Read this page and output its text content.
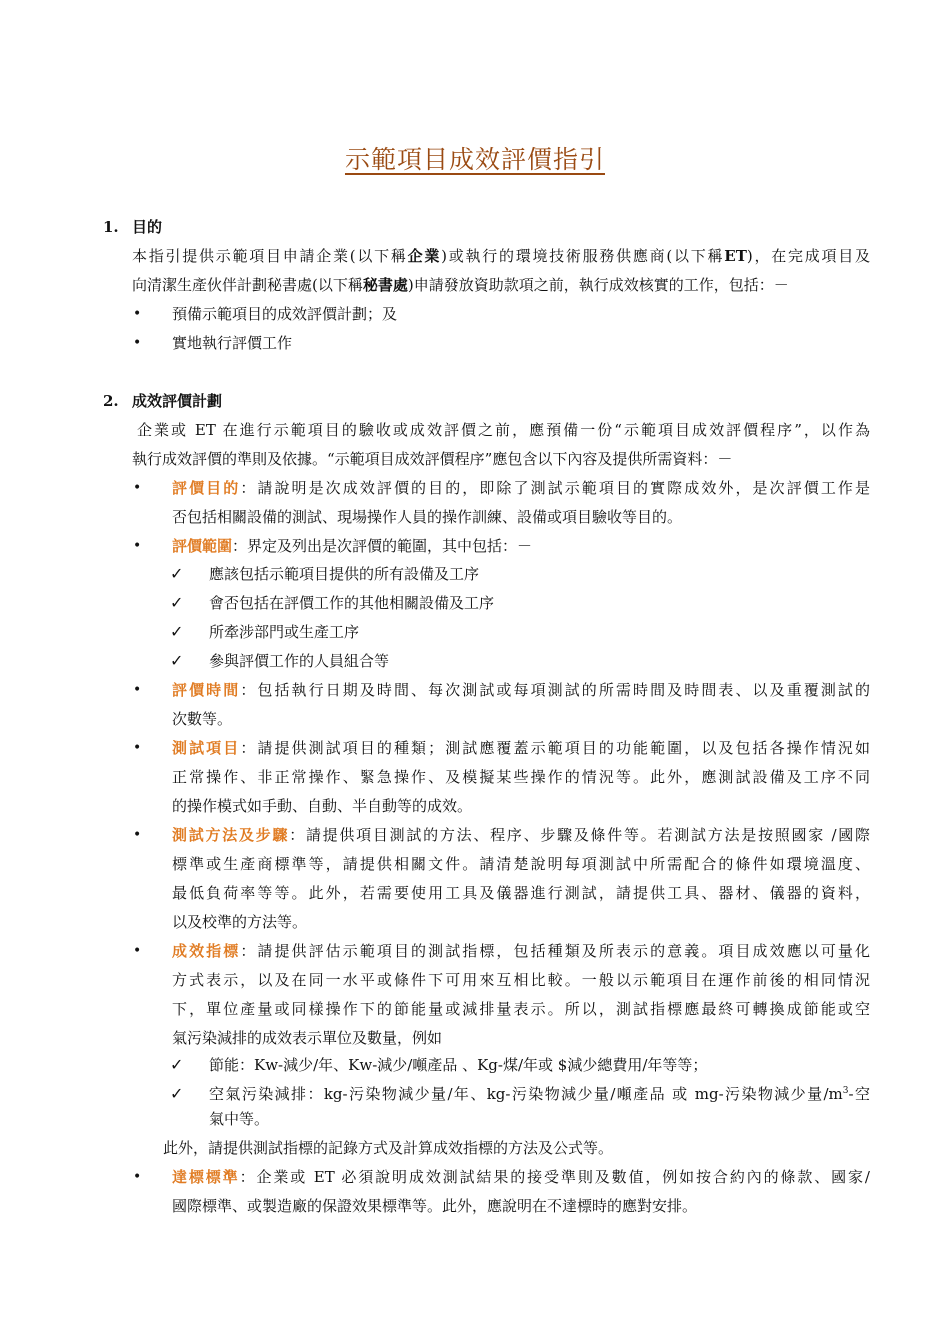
示範項目成效評價指引
1. 目的
本指引提供示範項目申請企業(以下稱企業)或執行的環境技術服務供應商(以下稱ET)，在完成項目及
向清潔生產伙伴計劃秘書處(以下稱秘書處)申請發放資助款項之前，執行成效核實的工作，包括：－
• 預備示範項目的成效評價計劃；及
• 實地執行評價工作
2. 成效評價計劃
企業或 ET 在進行示範項目的驗收或成效評價之前，應預備一份“示範項目成效評價程序”，以作為
執行成效評價的準則及依據。“示範項目成效評價程序”應包含以下內容及提供所需資料：－
• 評價目的：請說明是次成效評價的目的，即除了測試示範項目的實際成效外，是次評價工作是
否包括相關設備的測試、現場操作人員的操作訓練、設備或項目驗收等目的。
• 評價範圍：界定及列出是次評價的範圍，其中包括：－
✓ 應該包括示範項目提供的所有設備及工序
✓ 會否包括在評價工作的其他相關設備及工序
✓ 所牽涉部門或生產工序
✓ 參與評價工作的人員組合等
• 評價時間：包括執行日期及時間、每次測試或每項測試的所需時間及時間表、以及重覆測試的
次數等。
• 測試項目：請提供測試項目的種類；測試應覆蓋示範項目的功能範圍，以及包括各操作情況如
正常操作、非正常操作、緊急操作、及模擬某些操作的情況等。此外，應測試設備及工序不同
的操作模式如手動、自動、半自動等的成效。
• 測試方法及步驟：請提供項目測試的方法、程序、步驟及條件等。若測試方法是按照國家 /國際
標準或生產商標準等，請提供相關文件。請清楚說明每項測試中所需配合的條件如環境溫度、
最低負荷率等等。此外，若需要使用工具及儀器進行測試，請提供工具、器材、儀器的資料，
以及校準的方法等。
• 成效指標：請提供評估示範項目的測試指標，包括種類及所表示的意義。項目成效應以可量化
方式表示，以及在同一水平或條件下可用來互相比較。一般以示範項目在運作前後的相同情況
下，單位產量或同樣操作下的節能量或減排量表示。所以，測試指標應最終可轉換成節能或空
氣污染減排的成效表示單位及數量，例如
✓ 節能：Kw-減少/年、Kw-減少/噸產品 、Kg-煤/年或 $減少總費用/年等等；
✓ 空氣污染減排：kg-污染物減少量/年、kg-污染物減少量/噸產品 或 mg-污染物減少量$/m^3-$空
氣中等。
此外，請提供測試指標的記錄方式及計算成效指標的方法及公式等。
• 達標標準：企業或 ET 必須說明成效測試結果的接受準則及數值，例如按合約內的條款、國家/
國際標準、或製造廠的保證效果標準等。此外，應說明在不達標時的應對安排。
